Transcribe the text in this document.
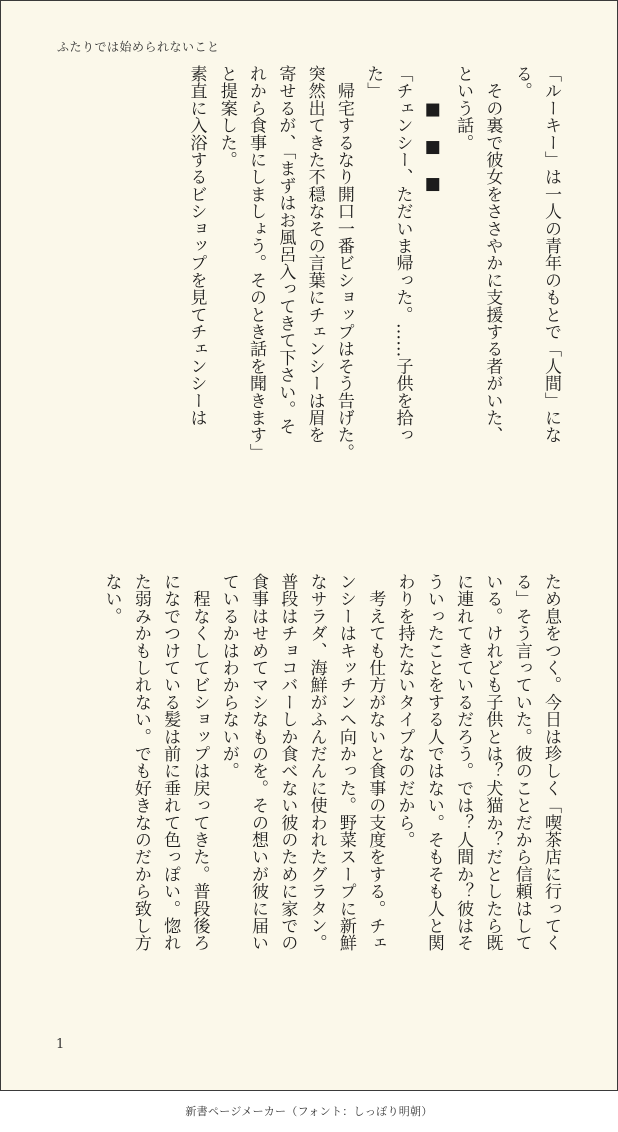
ふたりでは始められないこと
「ルーキー」は一人の青年のもとで「人間」にな
る。
　その裏で彼女をささやかに支援する者がいた、
という話。
　　■　■　■
「チェンシー、ただいま帰った。……子供を拾っ
た」
　帰宅するなり開口一番ビショップはそう告げた。
突然出てきた不穏なその言葉にチェンシーは眉を
寄せるが、「まずはお風呂入ってきて下さい。そ
れから食事にしましょう。そのとき話を聞きます」
と提案した。
素直に入浴するビショップを見てチェンシーは
ため息をつく。今日は珍しく「喫茶店に行ってく
る」そう言っていた。彼のことだから信頼はして
いる。けれども子供とは？犬猫か？だとしたら既
に連れてきているだろう。では？人間か？彼はそ
ういったことをする人ではない。そもそも人と関
わりを持たないタイプなのだから。
　考えても仕方がないと食事の支度をする。チェ
ンシーはキッチンへ向かった。野菜スープに新鮮
なサラダ、海鮮がふんだんに使われたグラタン。
普段はチョコバーしか食べない彼のために家での
食事はせめてマシなものを。その想いが彼に届い
ているかはわからないが。
　程なくしてビショップは戻ってきた。普段後ろ
になでつけている髪は前に垂れて色っぽい。惚れ
た弱みかもしれない。でも好きなのだから致し方
ない。
1
新書ページメーカー（フォント：しっぽり明朝）
